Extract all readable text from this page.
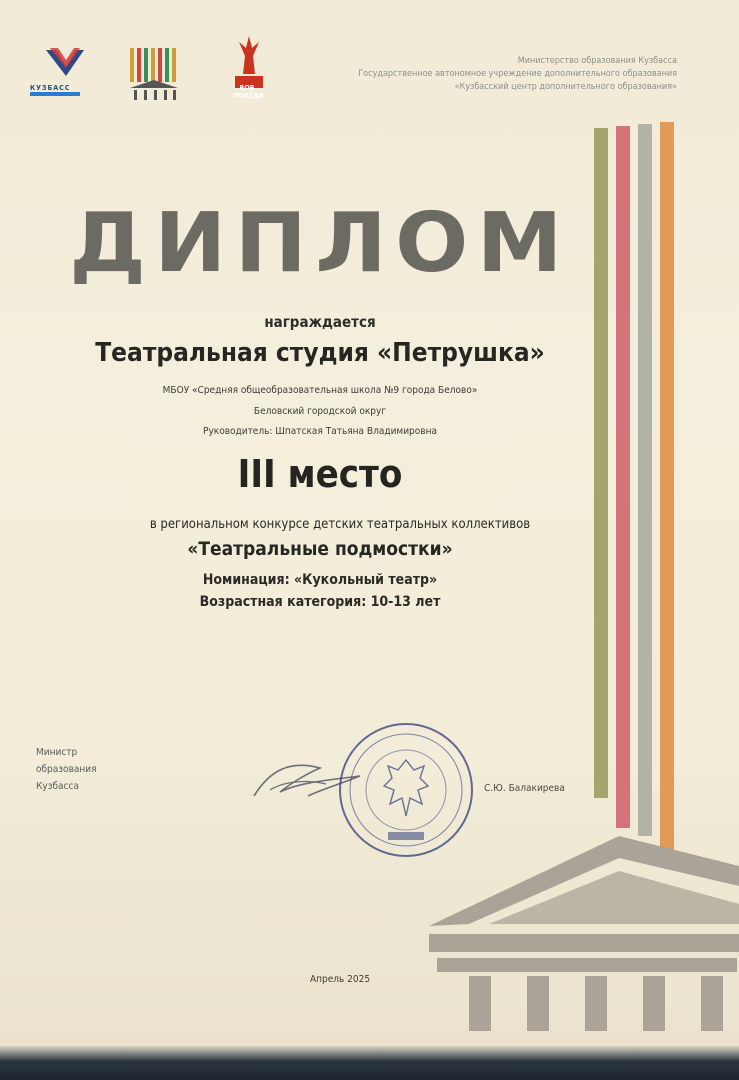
КУЗБАСС	ВОВ
ПОБЕДА
Министерство образования Кузбасса
Государственное автономное учреждение дополнительного образования
«Кузбасский центр дополнительного образования»
ДИПЛОМ
награждается
Театральная студия «Петрушка»
МБОУ «Средняя общеобразовательная школа №9 города Белово»
Беловский городской округ
Руководитель: Шпатская Татьяна Владимировна
III место
в региональном конкурсе детских театральных коллективов
«Театральные подмостки»
Номинация: «Кукольный театр»
Возрастная категория: 10-13 лет
Министр
образования
Кузбасса	С.Ю. Балакирева
Апрель 2025
